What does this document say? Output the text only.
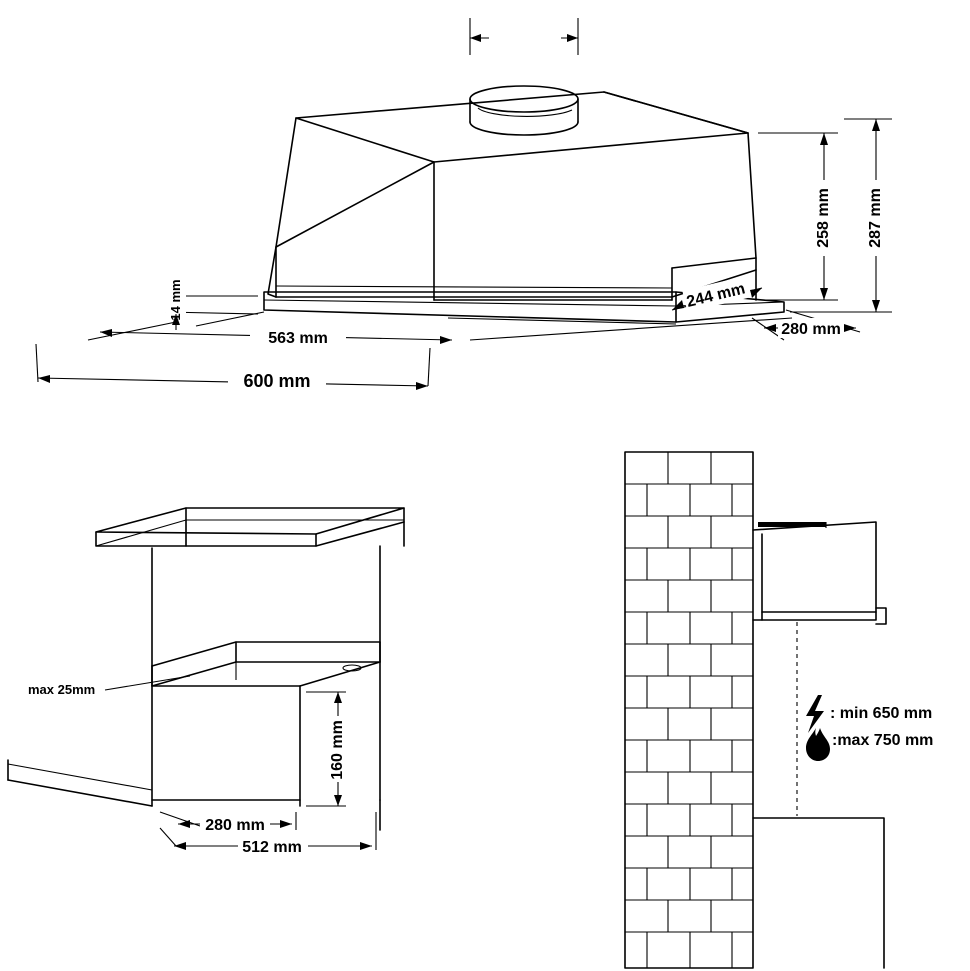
14 mm
258 mm 287 mm
244 mm
280 mm
563 mm
600 mm
max 25mm
160 mm
280 mm
512 mm
: min 650 mm
:max 750 mm
